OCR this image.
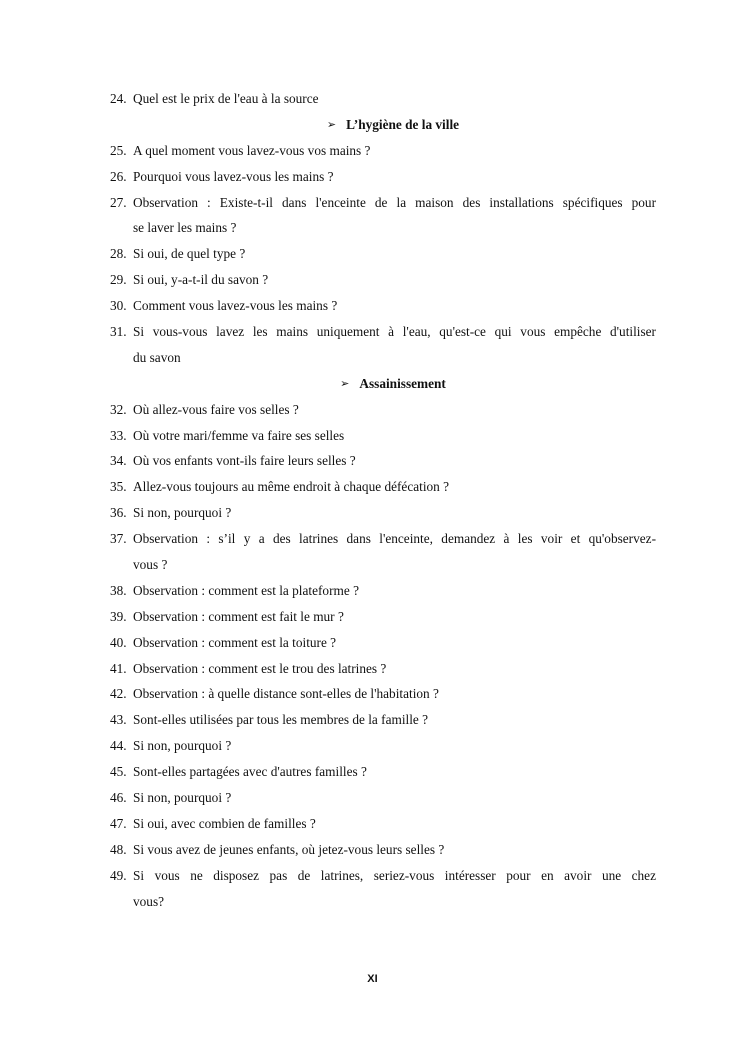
24. Quel est le prix de l'eau à la source
➢ L’hygiène de la ville
25. A quel moment vous lavez-vous vos mains ?
26. Pourquoi vous lavez-vous les mains ?
27. Observation : Existe-t-il dans l'enceinte de la maison des installations spécifiques pour
se laver les mains ?
28. Si oui, de quel type ?
29. Si oui, y-a-t-il du savon ?
30. Comment vous lavez-vous les mains ?
31. Si vous-vous lavez les mains uniquement à l'eau, qu'est-ce qui vous empêche d'utiliser
du savon
➢ Assainissement
32. Où allez-vous faire vos selles ?
33. Où votre mari/femme va faire ses selles
34. Où vos enfants vont-ils faire leurs selles ?
35. Allez-vous toujours au même endroit à chaque défécation ?
36. Si non, pourquoi ?
37. Observation : s’il y a des latrines dans l'enceinte, demandez à les voir et qu'observez-
vous ?
38. Observation : comment est la plateforme ?
39. Observation : comment est fait le mur ?
40. Observation : comment est la toiture ?
41. Observation : comment est le trou des latrines ?
42. Observation : à quelle distance sont-elles de l'habitation ?
43. Sont-elles utilisées par tous les membres de la famille ?
44. Si non, pourquoi ?
45. Sont-elles partagées avec d'autres familles ?
46. Si non, pourquoi ?
47. Si oui, avec combien de familles ?
48. Si vous avez de jeunes enfants, où jetez-vous leurs selles ?
49. Si vous ne disposez pas de latrines, seriez-vous intéresser pour en avoir une chez
vous?
XI
